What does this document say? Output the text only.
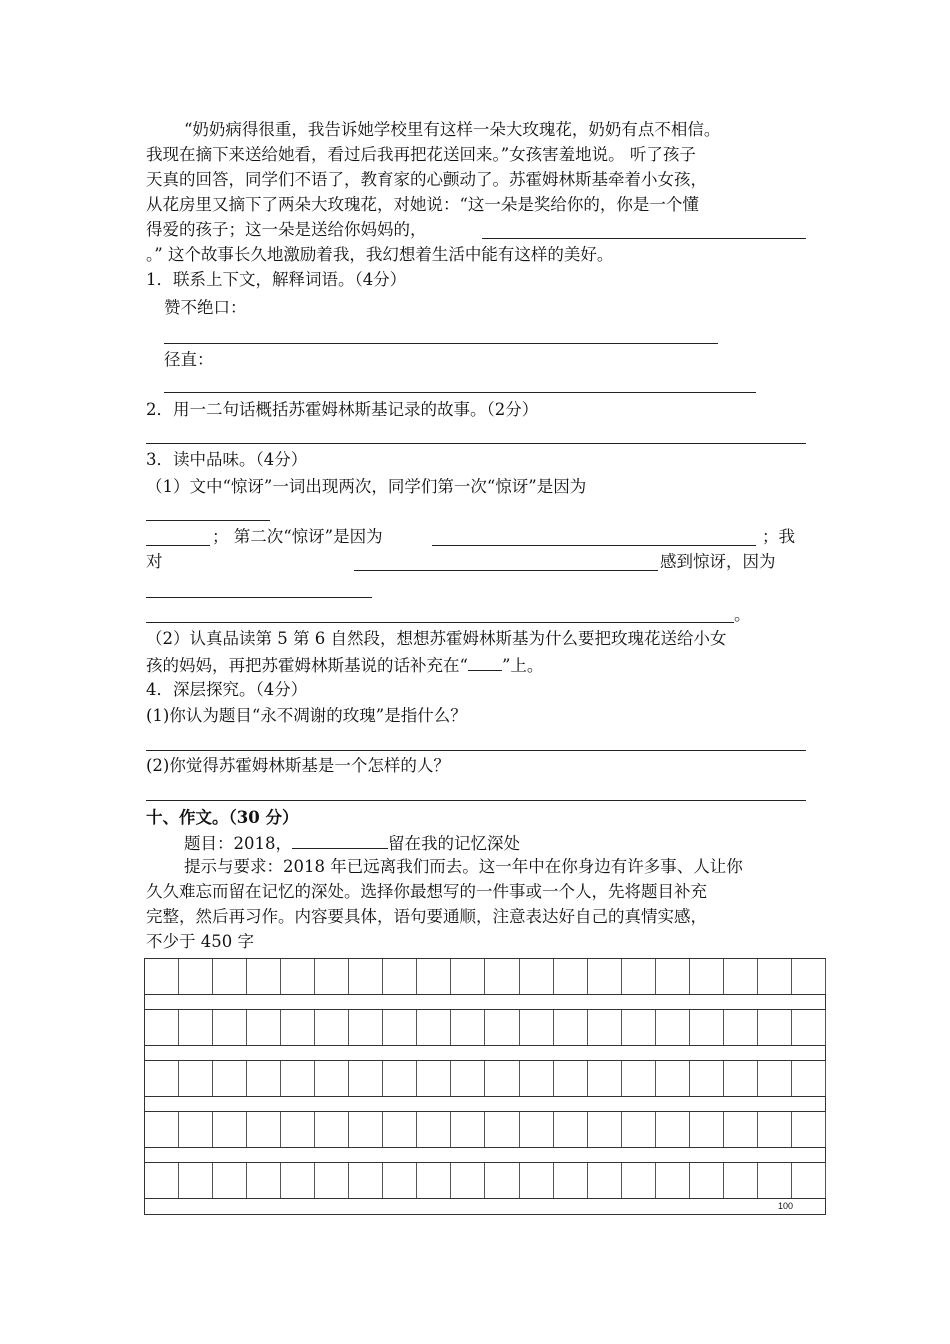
“奶奶病得很重，我告诉她学校里有这样一朵大玫瑰花，奶奶有点不相信。
我现在摘下来送给她看，看过后我再把花送回来。”女孩害羞地说。 听了孩子
天真的回答，同学们不语了，教育家的心颤动了。苏霍姆林斯基牵着小女孩，
从花房里又摘下了两朵大玫瑰花，对她说：“这一朵是奖给你的，你是一个懂
得爱的孩子；这一朵是送给你妈妈的，
。” 这个故事长久地激励着我，我幻想着生活中能有这样的美好。
1．联系上下文，解释词语。（4分）
赞不绝口：
径直：
2．用一二句话概括苏霍姆林斯基记录的故事。（2分）
3．读中品味。（4分）
（1）文中“惊讶”一词出现两次，同学们第一次“惊讶”是因为
； 第二次“惊讶”是因为	；我
对	感到惊讶，因为
。
（2）认真品读第 5 第 6 自然段，想想苏霍姆林斯基为什么要把玫瑰花送给小女
孩的妈妈，再把苏霍姆林斯基说的话补充在“ ”上。
4．深层探究。（4分）
(1)你认为题目“永不凋谢的玫瑰”是指什么？
(2)你觉得苏霍姆林斯基是一个怎样的人？
十、作文。（30 分）
题目：2018，	留在我的记忆深处
提示与要求：2018 年已远离我们而去。这一年中在你身边有许多事、人让你
久久难忘而留在记忆的深处。选择你最想写的一件事或一个人，先将题目补充
完整，然后再习作。内容要具体，语句要通顺，注意表达好自己的真情实感，
不少于 450 字
100
